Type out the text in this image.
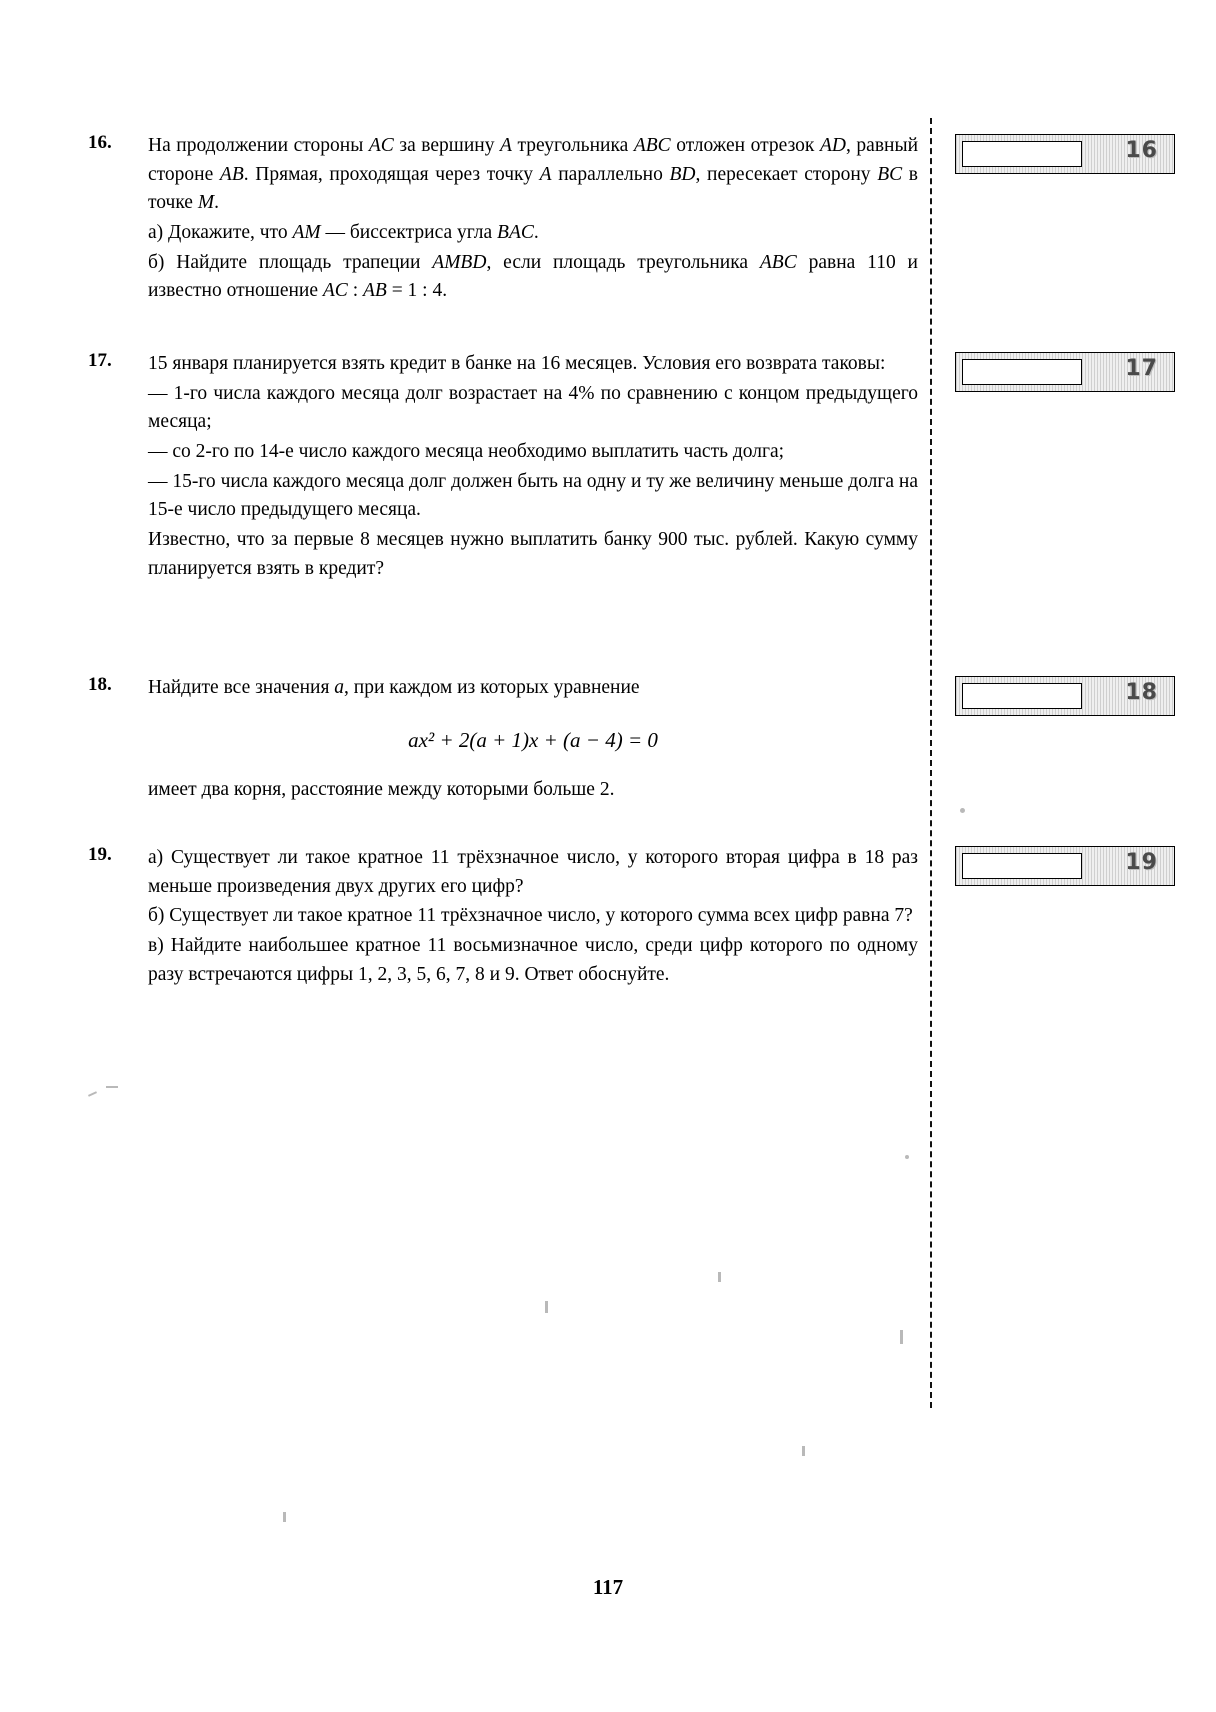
16
17
18
19
16.	На продолжении стороны AC за вершину A треугольника ABC отложен отрезок AD, равный стороне AB. Прямая, проходящая через точку A параллельно BD, пересекает сторону BC в точке M.

а) Докажите, что AM — биссектриса угла BAC.

б) Найдите площадь трапеции AMBD, если площадь треугольника ABC равна 110 и известно отношение AC : AB = 1 : 4.

17.	15 января планируется взять кредит в банке на 16 месяцев. Условия его возврата таковы:

— 1-го числа каждого месяца долг возрастает на 4% по сравнению с концом предыдущего месяца;

— со 2-го по 14-е число каждого месяца необходимо выплатить часть долга;

— 15-го числа каждого месяца долг должен быть на одну и ту же величину меньше долга на 15-е число предыдущего месяца.

Известно, что за первые 8 месяцев нужно выплатить банку 900 тыс. рублей. Какую сумму планируется взять в кредит?

18.	Найдите все значения a, при каждом из которых уравнение

ax² + 2(a + 1)x + (a − 4) = 0

имеет два корня, расстояние между которыми больше 2.

19.	а) Существует ли такое кратное 11 трёхзначное число, у которого вторая цифра в 18 раз меньше произведения двух других его цифр?

б) Существует ли такое кратное 11 трёхзначное число, у которого сумма всех цифр равна 7?

в) Найдите наибольшее кратное 11 восьмизначное число, среди цифр которого по одному разу встречаются цифры 1, 2, 3, 5, 6, 7, 8 и 9. Ответ обоснуйте.

117
